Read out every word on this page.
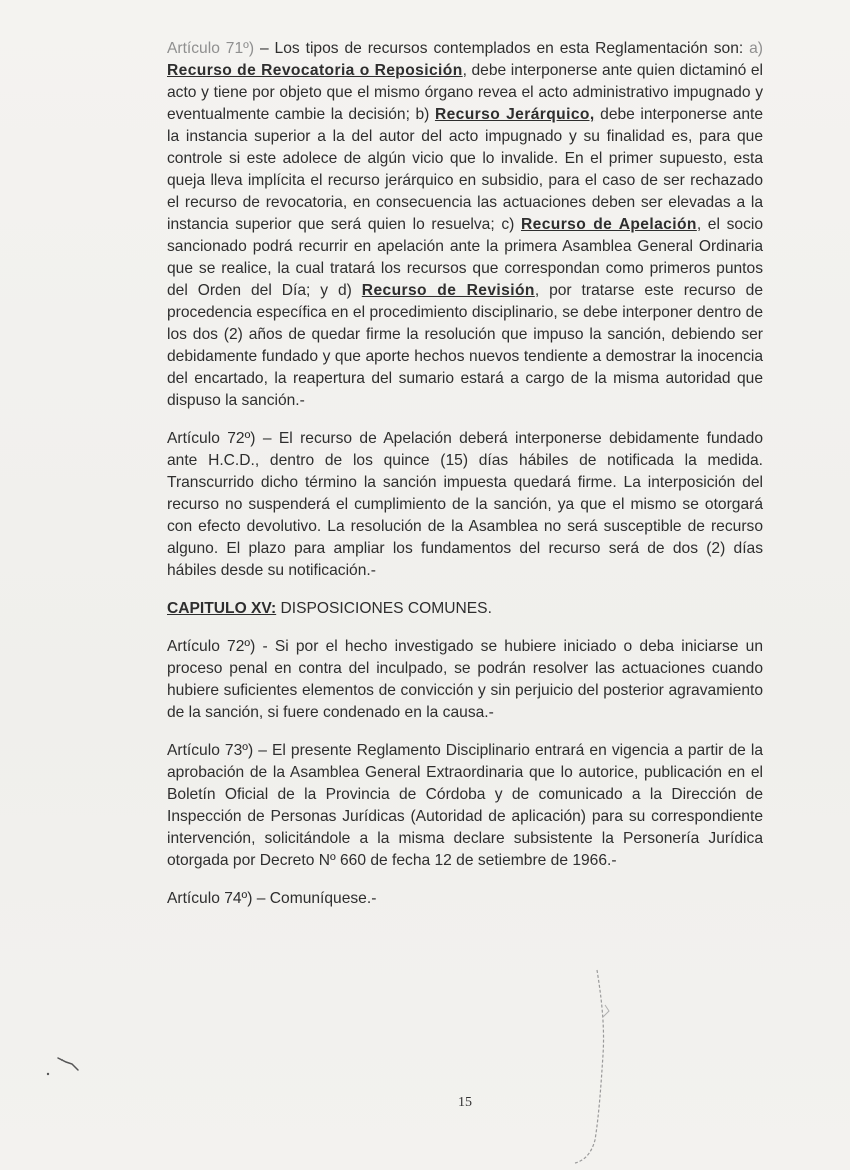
Artículo 71º) – Los tipos de recursos contemplados en esta Reglamentación son: a) Recurso de Revocatoria o Reposición, debe interponerse ante quien dictaminó el acto y tiene por objeto que el mismo órgano revea el acto administrativo impugnado y eventualmente cambie la decisión; b) Recurso Jerárquico, debe interponerse ante la instancia superior a la del autor del acto impugnado y su finalidad es, para que controle si este adolece de algún vicio que lo invalide. En el primer supuesto, esta queja lleva implícita el recurso jerárquico en subsidio, para el caso de ser rechazado el recurso de revocatoria, en consecuencia las actuaciones deben ser elevadas a la instancia superior que será quien lo resuelva; c) Recurso de Apelación, el socio sancionado podrá recurrir en apelación ante la primera Asamblea General Ordinaria que se realice, la cual tratará los recursos que correspondan como primeros puntos del Orden del Día; y d) Recurso de Revisión, por tratarse este recurso de procedencia específica en el procedimiento disciplinario, se debe interponer dentro de los dos (2) años de quedar firme la resolución que impuso la sanción, debiendo ser debidamente fundado y que aporte hechos nuevos tendiente a demostrar la inocencia del encartado, la reapertura del sumario estará a cargo de la misma autoridad que dispuso la sanción.-

Artículo 72º) – El recurso de Apelación deberá interponerse debidamente fundado ante H.C.D., dentro de los quince (15) días hábiles de notificada la medida. Transcurrido dicho término la sanción impuesta quedará firme. La interposición del recurso no suspenderá el cumplimiento de la sanción, ya que el mismo se otorgará con efecto devolutivo. La resolución de la Asamblea no será susceptible de recurso alguno. El plazo para ampliar los fundamentos del recurso será de dos (2) días hábiles desde su notificación.-

CAPITULO XV: DISPOSICIONES COMUNES.

Artículo 72º) - Si por el hecho investigado se hubiere iniciado o deba iniciarse un proceso penal en contra del inculpado, se podrán resolver las actuaciones cuando hubiere suficientes elementos de convicción y sin perjuicio del posterior agravamiento de la sanción, si fuere condenado en la causa.-

Artículo 73º) – El presente Reglamento Disciplinario entrará en vigencia a partir de la aprobación de la Asamblea General Extraordinaria que lo autorice, publicación en el Boletín Oficial de la Provincia de Córdoba y de comunicado a la Dirección de Inspección de Personas Jurídicas (Autoridad de aplicación) para su correspondiente intervención, solicitándole a la misma declare subsistente la Personería Jurídica otorgada por Decreto Nº 660 de fecha 12 de setiembre de 1966.-

Artículo 74º) – Comuníquese.-

15
